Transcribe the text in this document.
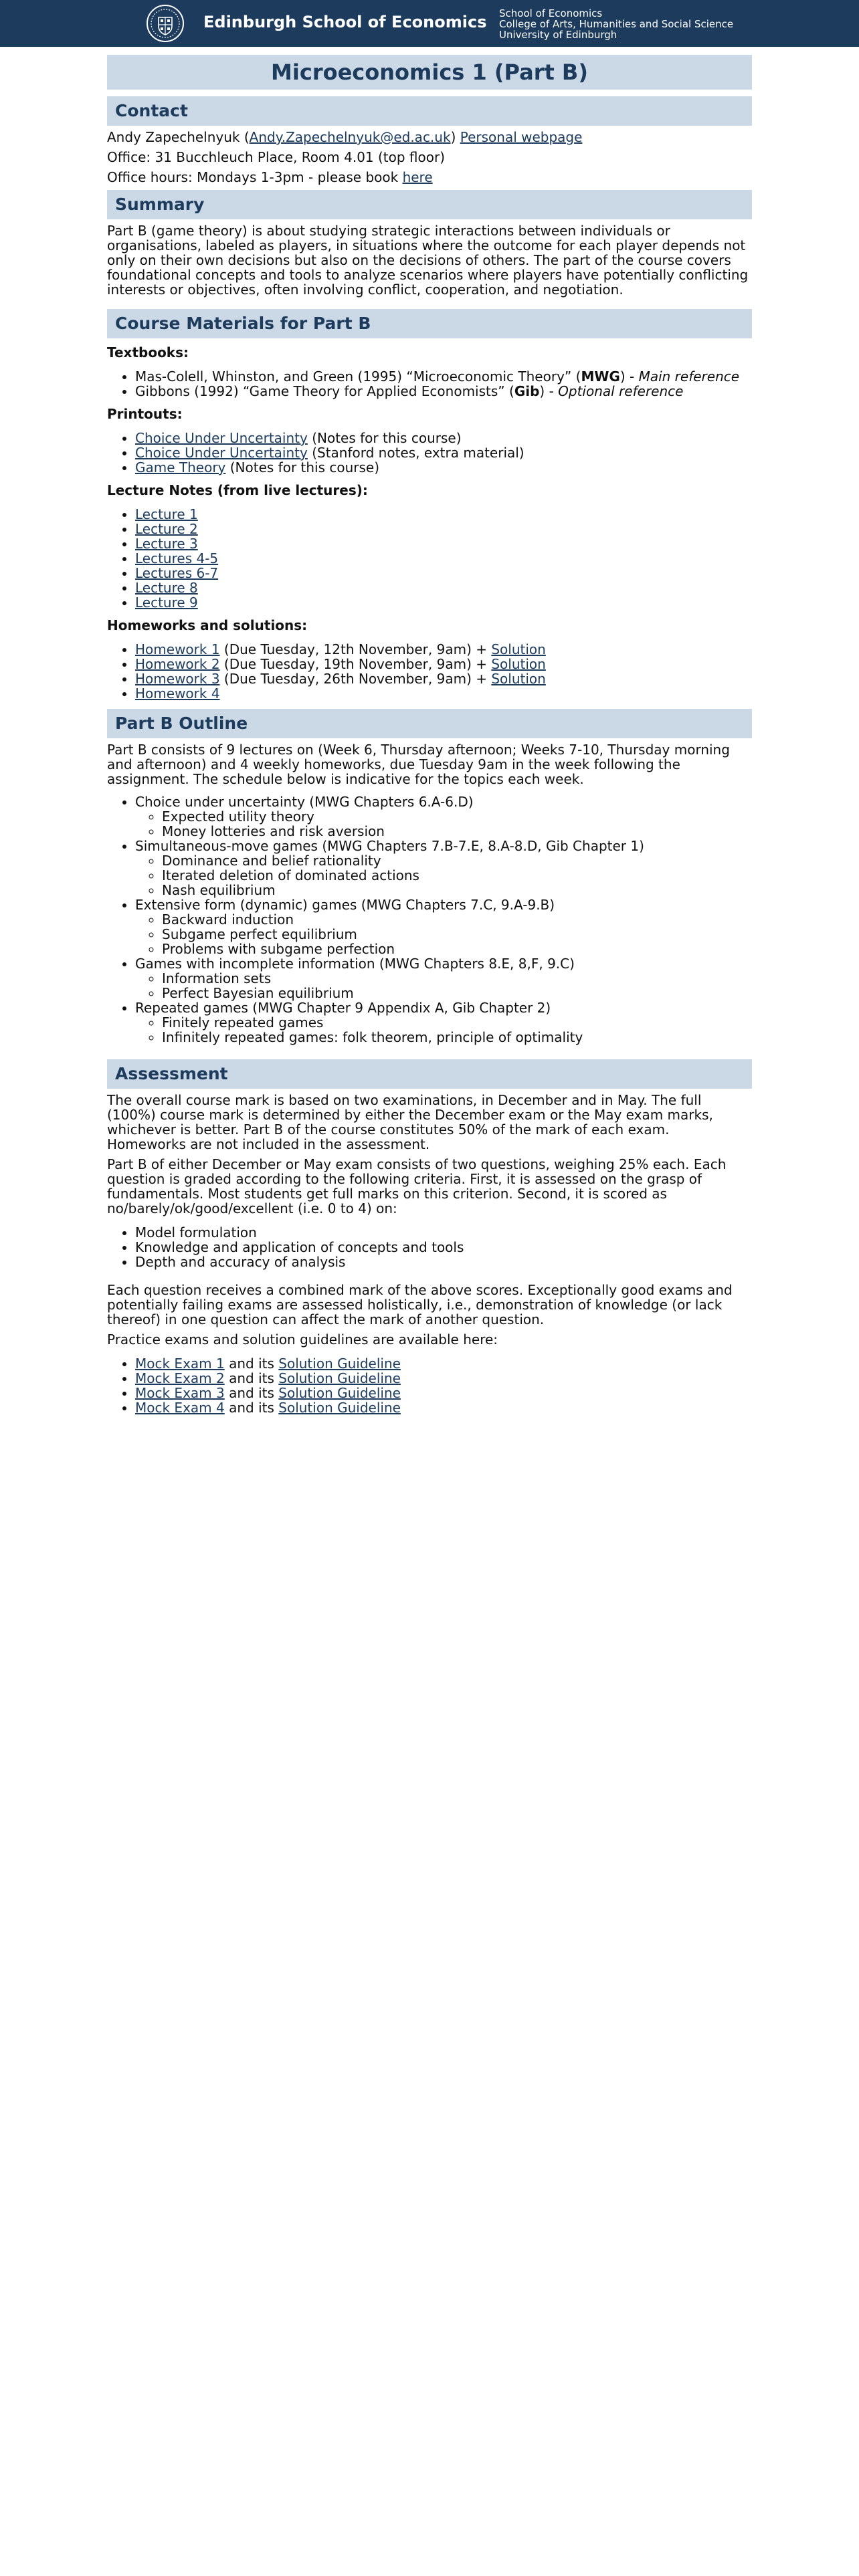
Edinburgh School of Economics School of Economics
College of Arts, Humanities and Social Science
University of Edinburgh
Microeconomics 1 (Part B)
Contact

Andy Zapechelnyuk (Andy.Zapechelnyuk@ed.ac.uk) Personal webpage

Office: 31 Bucchleuch Place, Room 4.01 (top floor)

Office hours: Mondays 1-3pm - please book here

Summary

Part B (game theory) is about studying strategic interactions between individuals or organisations, labeled as players, in situations where the outcome for each player depends not only on their own decisions but also on the decisions of others. The part of the course covers foundational concepts and tools to analyze scenarios where players have potentially conflicting interests or objectives, often involving conflict, cooperation, and negotiation.

Course Materials for Part B
Textbooks:
• Mas-Colell, Whinston, and Green (1995) “Microeconomic Theory” (MWG) - Main reference
• Gibbons (1992) “Game Theory for Applied Economists” (Gib) - Optional reference
Printouts:
• Choice Under Uncertainty (Notes for this course)
• Choice Under Uncertainty (Stanford notes, extra material)
• Game Theory (Notes for this course)
Lecture Notes (from live lectures):
• Lecture 1
• Lecture 2
• Lecture 3
• Lectures 4-5
• Lectures 6-7
• Lecture 8
• Lecture 9
Homeworks and solutions:
• Homework 1 (Due Tuesday, 12th November, 9am) + Solution
• Homework 2 (Due Tuesday, 19th November, 9am) + Solution
• Homework 3 (Due Tuesday, 26th November, 9am) + Solution
• Homework 4
Part B Outline

Part B consists of 9 lectures on (Week 6, Thursday afternoon; Weeks 7-10, Thursday morning and afternoon) and 4 weekly homeworks, due Tuesday 9am in the week following the assignment. The schedule below is indicative for the topics each week.

• Choice under uncertainty (MWG Chapters 6.A-6.D)
◦ Expected utility theory
◦ Money lotteries and risk aversion
• Simultaneous-move games (MWG Chapters 7.B-7.E, 8.A-8.D, Gib Chapter 1)
◦ Dominance and belief rationality
◦ Iterated deletion of dominated actions
◦ Nash equilibrium
• Extensive form (dynamic) games (MWG Chapters 7.C, 9.A-9.B)
◦ Backward induction
◦ Subgame perfect equilibrium
◦ Problems with subgame perfection
• Games with incomplete information (MWG Chapters 8.E, 8,F, 9.C)
◦ Information sets
◦ Perfect Bayesian equilibrium
• Repeated games (MWG Chapter 9 Appendix A, Gib Chapter 2)
◦ Finitely repeated games
◦ Infinitely repeated games: folk theorem, principle of optimality
Assessment

The overall course mark is based on two examinations, in December and in May. The full (100%) course mark is determined by either the December exam or the May exam marks, whichever is better. Part B of the course constitutes 50% of the mark of each exam. Homeworks are not included in the assessment.

Part B of either December or May exam consists of two questions, weighing 25% each. Each question is graded according to the following criteria. First, it is assessed on the grasp of fundamentals. Most students get full marks on this criterion. Second, it is scored as no/barely/ok/good/excellent (i.e. 0 to 4) on:

• Model formulation
• Knowledge and application of concepts and tools
• Depth and accuracy of analysis

Each question receives a combined mark of the above scores. Exceptionally good exams and potentially failing exams are assessed holistically, i.e., demonstration of knowledge (or lack thereof) in one question can affect the mark of another question.

Practice exams and solution guidelines are available here:

• Mock Exam 1 and its Solution Guideline
• Mock Exam 2 and its Solution Guideline
• Mock Exam 3 and its Solution Guideline
• Mock Exam 4 and its Solution Guideline
